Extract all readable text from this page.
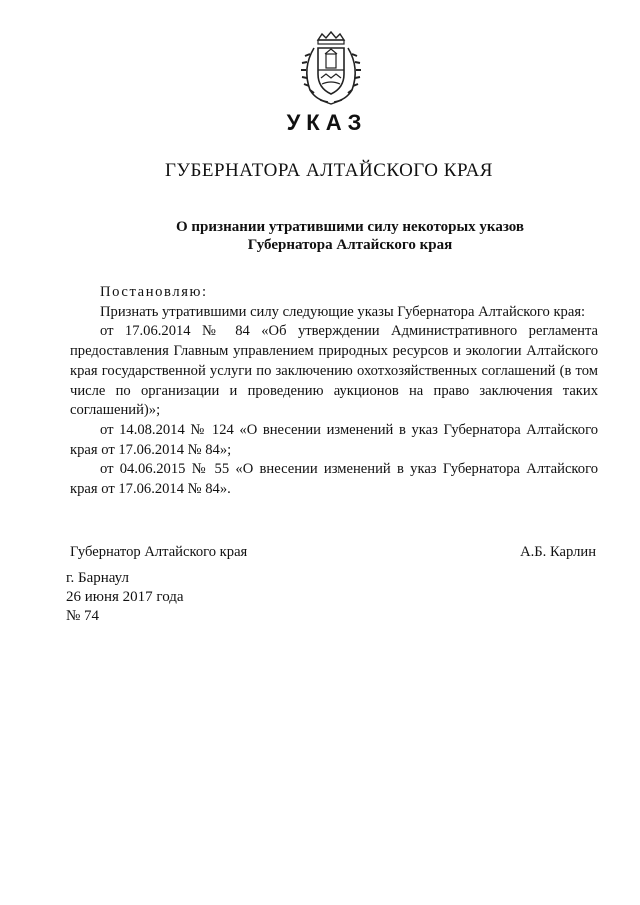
УКАЗ
ГУБЕРНАТОРА АЛТАЙСКОГО КРАЯ
О признании утратившими силу некоторых указов
Губернатора Алтайского края

Постановляю:

Признать утратившими силу следующие указы Губернатора Алтайского края:

от 17.06.2014 № 84 «Об утверждении Административного регламента предоставления Главным управлением природных ресурсов и экологии Алтайского края государственной услуги по заключению охотхозяйственных соглашений (в том числе по организации и проведению аукционов на право заключения таких соглашений)»;

от 14.08.2014 № 124 «О внесении изменений в указ Губернатора Алтайского края от 17.06.2014 № 84»;

от 04.06.2015 № 55 «О внесении изменений в указ Губернатора Алтайского края от 17.06.2014 № 84».

Губернатор Алтайского края	А.Б. Карлин
г. Барнаул
26 июня 2017 года
№ 74
